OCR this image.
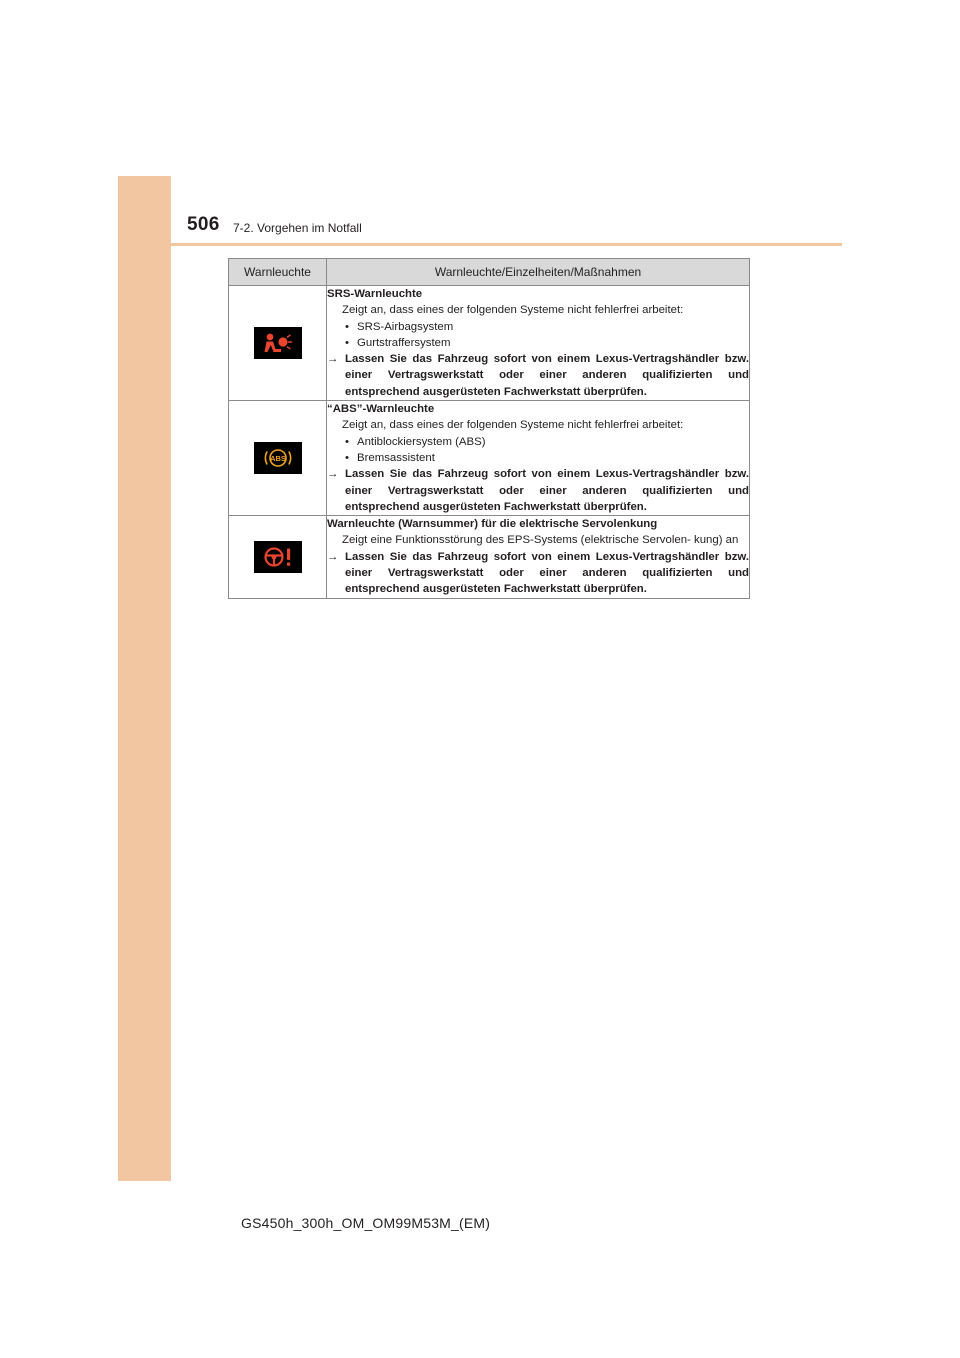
506 7-2. Vorgehen im Notfall
Warnleuchte	Warnleuchte/Einzelheiten/Maßnahmen

SRS-Warnleuchte
Zeigt an, dass eines der folgenden Systeme nicht fehlerfrei arbeitet:
• SRS-Airbagsystem
• Gurtstraffersystem
→ Lassen Sie das Fahrzeug sofort von einem Lexus-Vertragshändler bzw. einer Vertragswerkstatt oder einer anderen qualifizierten und entsprechend ausgerüsteten Fachwerkstatt überprüfen.

ABS	“ABS”-Warnleuchte
Zeigt an, dass eines der folgenden Systeme nicht fehlerfrei arbeitet:
• Antiblockiersystem (ABS)
• Bremsassistent
→ Lassen Sie das Fahrzeug sofort von einem Lexus-Vertragshändler bzw. einer Vertragswerkstatt oder einer anderen qualifizierten und entsprechend ausgerüsteten Fachwerkstatt überprüfen.

Warnleuchte (Warnsummer) für die elektrische Servolenkung
Zeigt eine Funktionsstörung des EPS-Systems (elektrische Servolen- kung) an
→ Lassen Sie das Fahrzeug sofort von einem Lexus-Vertragshändler bzw. einer Vertragswerkstatt oder einer anderen qualifizierten und entsprechend ausgerüsteten Fachwerkstatt überprüfen.
GS450h_300h_OM_OM99M53M_(EM)
